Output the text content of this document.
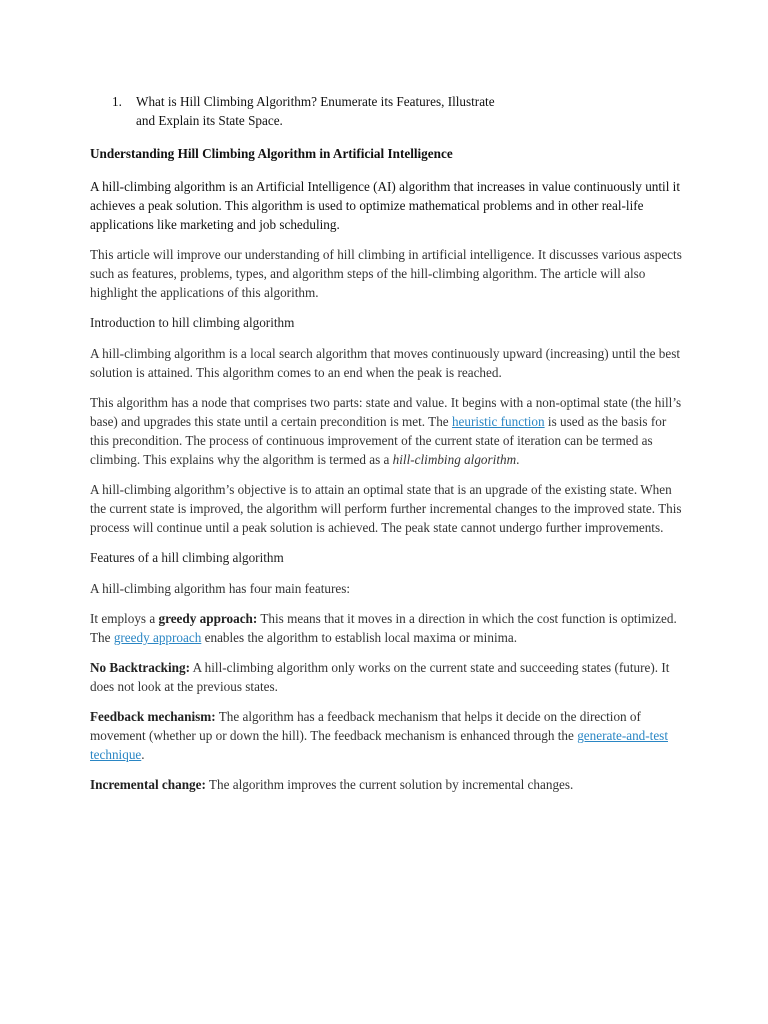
1.	What is Hill Climbing Algorithm? Enumerate its Features, Illustrate and Explain its State Space.

Understanding Hill Climbing Algorithm in Artificial Intelligence

A hill-climbing algorithm is an Artificial Intelligence (AI) algorithm that increases in value continuously until it achieves a peak solution. This algorithm is used to optimize mathematical problems and in other real-life applications like marketing and job scheduling.

This article will improve our understanding of hill climbing in artificial intelligence. It discusses various aspects such as features, problems, types, and algorithm steps of the hill-climbing algorithm. The article will also highlight the applications of this algorithm.

Introduction to hill climbing algorithm

A hill-climbing algorithm is a local search algorithm that moves continuously upward (increasing) until the best solution is attained. This algorithm comes to an end when the peak is reached.

This algorithm has a node that comprises two parts: state and value. It begins with a non-optimal state (the hill’s base) and upgrades this state until a certain precondition is met. The heuristic function is used as the basis for this precondition. The process of continuous improvement of the current state of iteration can be termed as climbing. This explains why the algorithm is termed as a hill-climbing algorithm.

A hill-climbing algorithm’s objective is to attain an optimal state that is an upgrade of the existing state. When the current state is improved, the algorithm will perform further incremental changes to the improved state. This process will continue until a peak solution is achieved. The peak state cannot undergo further improvements.

Features of a hill climbing algorithm

A hill-climbing algorithm has four main features:

It employs a greedy approach: This means that it moves in a direction in which the cost function is optimized. The greedy approach enables the algorithm to establish local maxima or minima.

No Backtracking: A hill-climbing algorithm only works on the current state and succeeding states (future). It does not look at the previous states.

Feedback mechanism: The algorithm has a feedback mechanism that helps it decide on the direction of movement (whether up or down the hill). The feedback mechanism is enhanced through the generate-and-test technique.

Incremental change: The algorithm improves the current solution by incremental changes.
